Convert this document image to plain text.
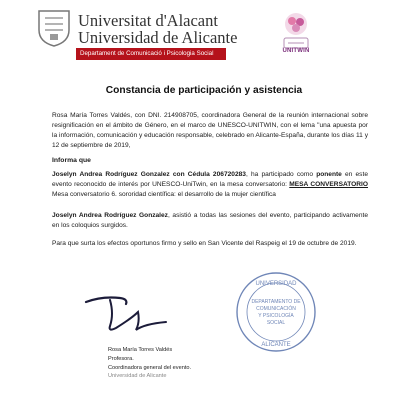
Universitat d'Alacant
Universidad de Alicante
Departament de Comunicació i Psicologia Social	UNITWIN
Constancia de participación y asistencia
Rosa María Torres Valdés, con DNI. 214908705, coordinadora General de la reunión internacional sobre resignificación en el ámbito de Género, en el marco de UNESCO-UNITWIN, con el lema "una apuesta por la información, comunicación y educación responsable, celebrado en Alicante-España, durante los días 11 y 12 de septiembre de 2019,
Informa que
Joselyn Andrea Rodríguez Gonzalez con Cédula 206720283, ha participado como ponente en este evento reconocido de interés por UNESCO-UniTwin, en la mesa conversatorio: MESA CONVERSATORIO Mesa conversatorio 6. sororidad científica: el desarrollo de la mujer científica
Joselyn Andrea Rodríguez Gonzalez, asistió a todas las sesiones del evento, participando activamente en los coloquios surgidos.
Para que surta los efectos oportunos firmo y sello en San Vicente del Raspeig el 19 de octubre de 2019.
UNIVERSIDAD
DEPARTAMENTO DE
COMUNICACIÓN
Y PSICOLOGÍA
SOCIAL
ALICANTE
Rosa María Torres Valdés
Profesora.
Coordinadora general del evento.
Universidad de Alicante
